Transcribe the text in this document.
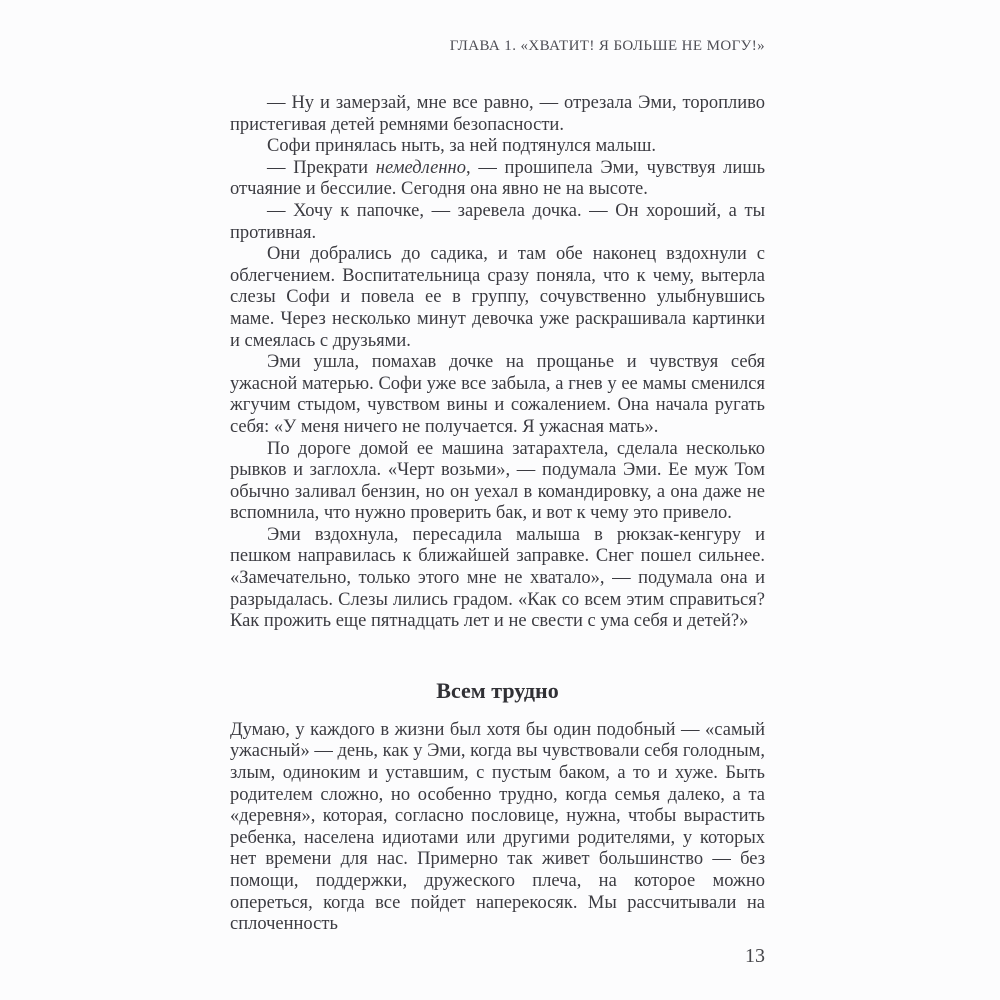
ГЛАВА 1. «ХВАТИТ! Я БОЛЬШЕ НЕ МОГУ!»

— Ну и замерзай, мне все равно, — отрезала Эми, торопливо пристегивая детей ремнями безопасности.

Софи принялась ныть, за ней подтянулся малыш.

— Прекрати немедленно, — прошипела Эми, чувствуя лишь отчаяние и бессилие. Сегодня она явно не на высоте.

— Хочу к папочке, — заревела дочка. — Он хороший, а ты противная.

Они добрались до садика, и там обе наконец вздохнули с облегчением. Воспитательница сразу поняла, что к чему, вытерла слезы Софи и повела ее в группу, сочувственно улыбнувшись маме. Через несколько минут девочка уже раскрашивала картинки и смеялась с друзьями.

Эми ушла, помахав дочке на прощанье и чувствуя себя ужасной матерью. Софи уже все забыла, а гнев у ее мамы сменился жгучим стыдом, чувством вины и сожалением. Она начала ругать себя: «У меня ничего не получается. Я ужасная мать».

По дороге домой ее машина затарахтела, сделала несколько рывков и заглохла. «Черт возьми», — подумала Эми. Ее муж Том обычно заливал бензин, но он уехал в командировку, а она даже не вспомнила, что нужно проверить бак, и вот к чему это привело.

Эми вздохнула, пересадила малыша в рюкзак-кенгуру и пешком направилась к ближайшей заправке. Снег пошел сильнее. «Замечательно, только этого мне не хватало», — подумала она и разрыдалась. Слезы лились градом. «Как со всем этим справиться? Как прожить еще пятнадцать лет и не свести с ума себя и детей?»

Всем трудно

Думаю, у каждого в жизни был хотя бы один подобный — «самый ужасный» — день, как у Эми, когда вы чувствовали себя голодным, злым, одиноким и уставшим, с пустым баком, а то и хуже. Быть родителем сложно, но особенно трудно, когда семья далеко, а та «деревня», которая, согласно пословице, нужна, чтобы вырастить ребенка, населена идиотами или другими родителями, у которых нет времени для нас. Примерно так живет большинство — без помощи, поддержки, дружеского плеча, на которое можно опереться, когда все пойдет наперекосяк. Мы рассчитывали на сплоченность

13
